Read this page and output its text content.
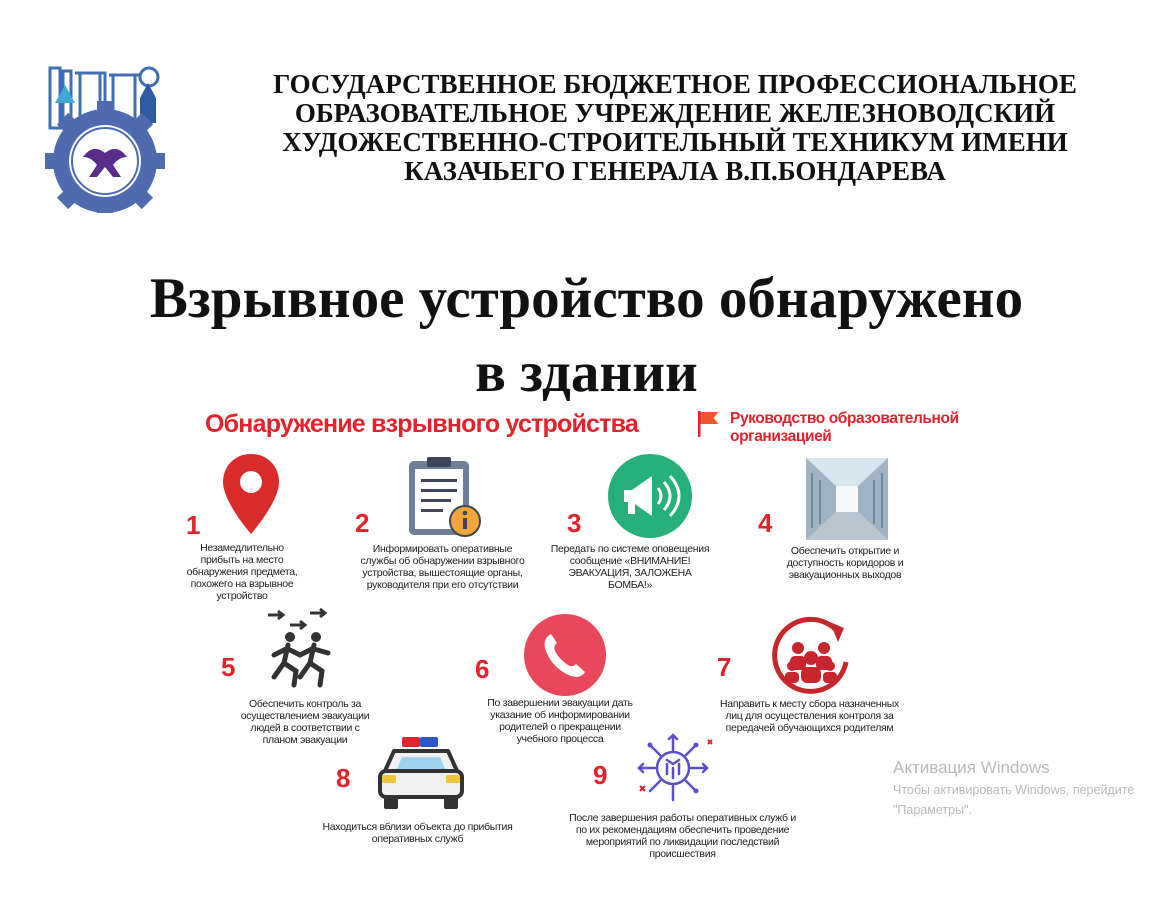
ГОСУДАРСТВЕННОЕ БЮДЖЕТНОЕ ПРОФЕССИОНАЛЬНОЕ
ОБРАЗОВАТЕЛЬНОЕ УЧРЕЖДЕНИЕ ЖЕЛЕЗНОВОДСКИЙ
ХУДОЖЕСТВЕННО-СТРОИТЕЛЬНЫЙ ТЕХНИКУМ ИМЕНИ
КАЗАЧЬЕГО ГЕНЕРАЛА В.П.БОНДАРЕВА
Взрывное устройство обнаружено
в здании
Обнаружение взрывного устройства	Руководство образовательной
организацией
1
Незамедлительно
прибыть на место
обнаружения предмета,
похожего на взрывное
устройство
2
Информировать оперативные
службы об обнаружении взрывного
устройства, вышестоящие органы,
руководителя при его отсутствии
3
Передать по системе оповещения
сообщение «ВНИМАНИЕ!
ЭВАКУАЦИЯ, ЗАЛОЖЕНА
БОМБА!»
4
Обеспечить открытие и
доступность коридоров и
эвакуационных выходов
5
Обеспечить контроль за
осуществлением эвакуации
людей в соответствии с
планом эвакуации
6
По завершении эвакуации дать
указание об информировании
родителей о прекращении
учебного процесса
7
Направить к месту сбора назначенных
лиц для осуществления контроля за
передачей обучающихся родителям
8
Находиться вблизи объекта до прибытия
оперативных служб
9
После завершения работы оперативных служб и
по их рекомендациям обеспечить проведение
мероприятий по ликвидации последствий
происшествия
Активация Windows
Чтобы активировать Windows, перейдите
"Параметры".
